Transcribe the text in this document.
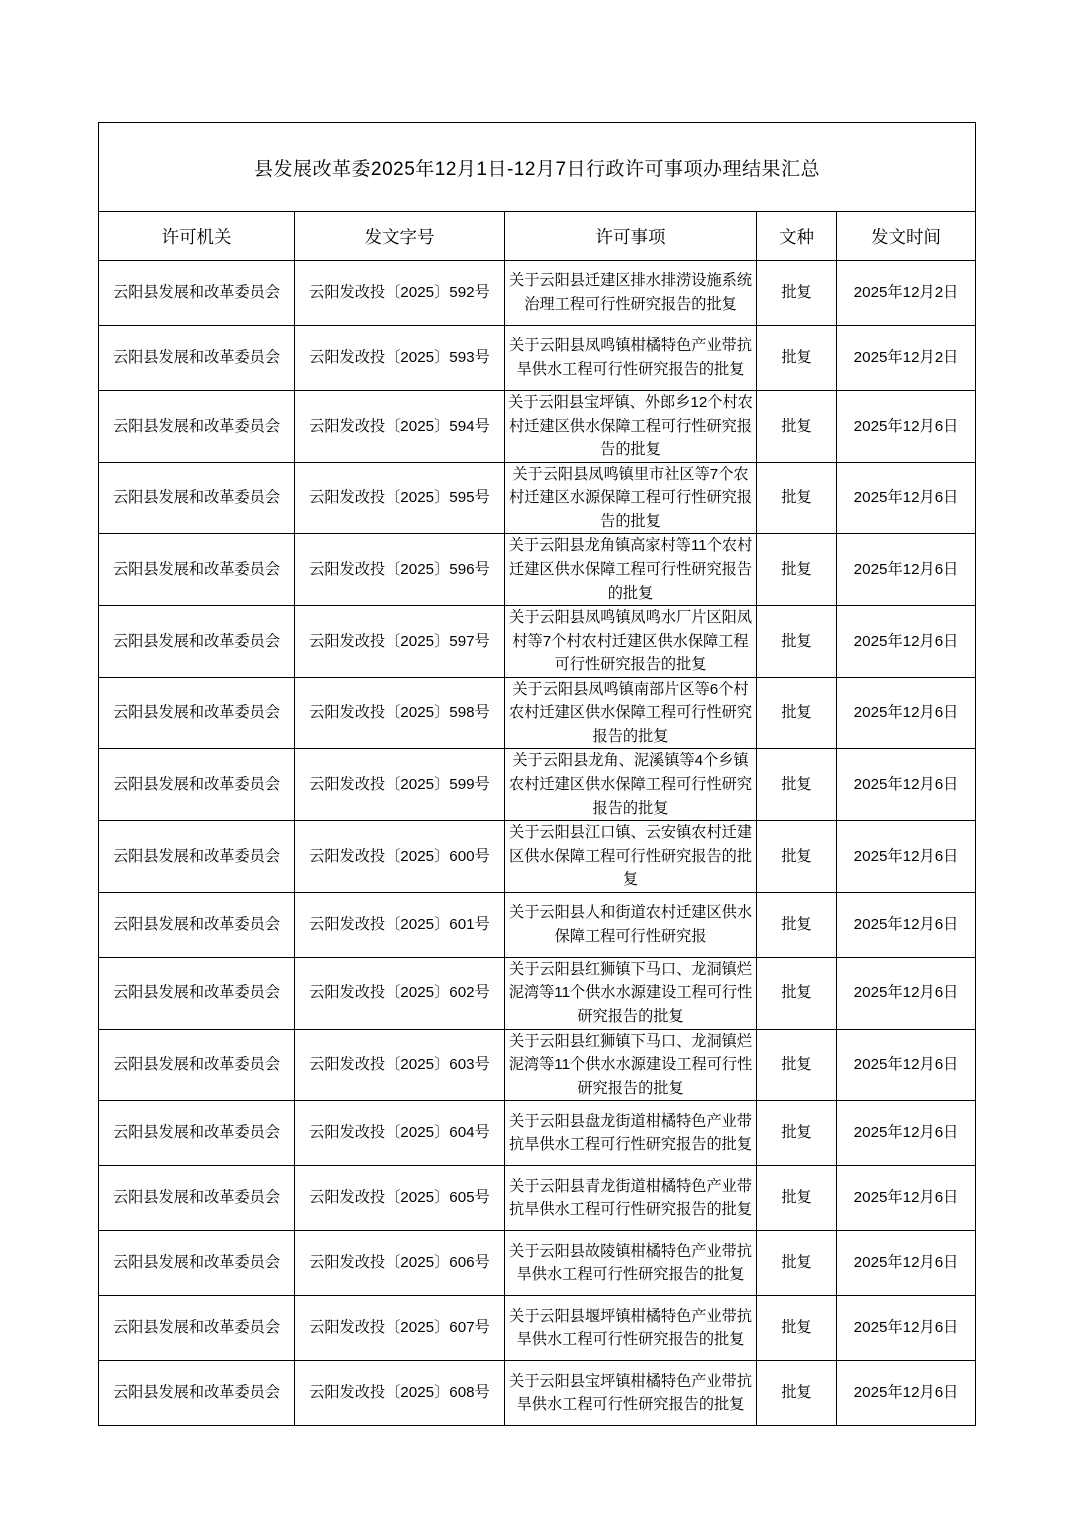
县发展改革委2025年12月1日-12月7日行政许可事项办理结果汇总				
许可机关	发文字号	许可事项	文种	发文时间
云阳县发展和改革委员会	云阳发改投〔2025〕592号	关于云阳县迁建区排水排涝设施系统治理工程可行性研究报告的批复	批复	2025年12月2日
云阳县发展和改革委员会	云阳发改投〔2025〕593号	关于云阳县凤鸣镇柑橘特色产业带抗旱供水工程可行性研究报告的批复	批复	2025年12月2日
云阳县发展和改革委员会	云阳发改投〔2025〕594号	关于云阳县宝坪镇、外郎乡12个村农村迁建区供水保障工程可行性研究报告的批复	批复	2025年12月6日
云阳县发展和改革委员会	云阳发改投〔2025〕595号	关于云阳县凤鸣镇里市社区等7个农村迁建区水源保障工程可行性研究报告的批复	批复	2025年12月6日
云阳县发展和改革委员会	云阳发改投〔2025〕596号	关于云阳县龙角镇高家村等11个农村迁建区供水保障工程可行性研究报告的批复	批复	2025年12月6日
云阳县发展和改革委员会	云阳发改投〔2025〕597号	关于云阳县凤鸣镇凤鸣水厂片区阳凤村等7个村农村迁建区供水保障工程可行性研究报告的批复	批复	2025年12月6日
云阳县发展和改革委员会	云阳发改投〔2025〕598号	关于云阳县凤鸣镇南部片区等6个村农村迁建区供水保障工程可行性研究报告的批复	批复	2025年12月6日
云阳县发展和改革委员会	云阳发改投〔2025〕599号	关于云阳县龙角、泥溪镇等4个乡镇农村迁建区供水保障工程可行性研究报告的批复	批复	2025年12月6日
云阳县发展和改革委员会	云阳发改投〔2025〕600号	关于云阳县江口镇、云安镇农村迁建区供水保障工程可行性研究报告的批复	批复	2025年12月6日
云阳县发展和改革委员会	云阳发改投〔2025〕601号	关于云阳县人和街道农村迁建区供水保障工程可行性研究报	批复	2025年12月6日
云阳县发展和改革委员会	云阳发改投〔2025〕602号	关于云阳县红狮镇下马口、龙洞镇烂泥湾等11个供水水源建设工程可行性研究报告的批复	批复	2025年12月6日
云阳县发展和改革委员会	云阳发改投〔2025〕603号	关于云阳县红狮镇下马口、龙洞镇烂泥湾等11个供水水源建设工程可行性研究报告的批复	批复	2025年12月6日
云阳县发展和改革委员会	云阳发改投〔2025〕604号	关于云阳县盘龙街道柑橘特色产业带抗旱供水工程可行性研究报告的批复	批复	2025年12月6日
云阳县发展和改革委员会	云阳发改投〔2025〕605号	关于云阳县青龙街道柑橘特色产业带抗旱供水工程可行性研究报告的批复	批复	2025年12月6日
云阳县发展和改革委员会	云阳发改投〔2025〕606号	关于云阳县故陵镇柑橘特色产业带抗旱供水工程可行性研究报告的批复	批复	2025年12月6日
云阳县发展和改革委员会	云阳发改投〔2025〕607号	关于云阳县堰坪镇柑橘特色产业带抗旱供水工程可行性研究报告的批复	批复	2025年12月6日
云阳县发展和改革委员会	云阳发改投〔2025〕608号	关于云阳县宝坪镇柑橘特色产业带抗旱供水工程可行性研究报告的批复	批复	2025年12月6日
